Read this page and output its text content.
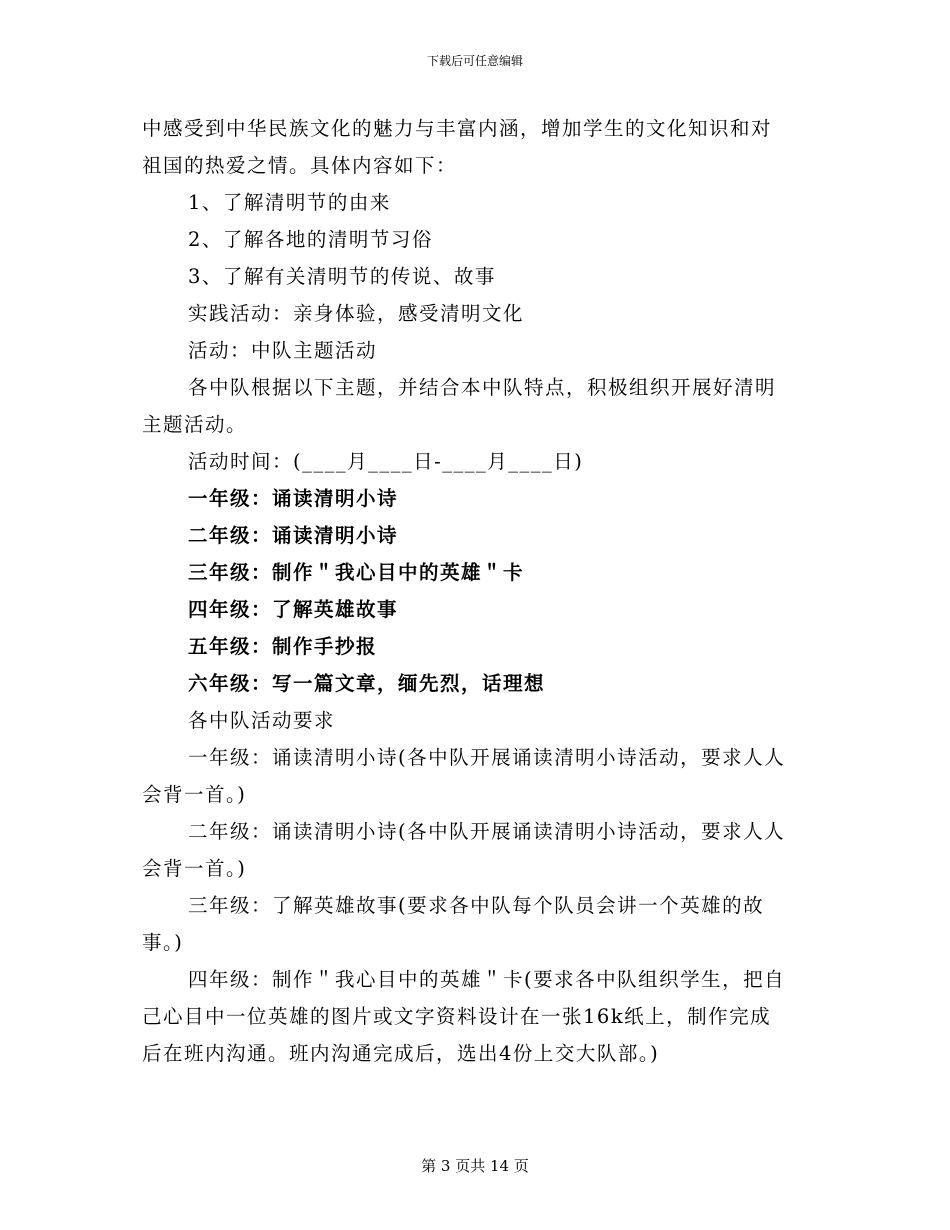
下载后可任意编辑

中感受到中华民族文化的魅力与丰富内涵，增加学生的文化知识和对

祖国的热爱之情。具体内容如下：

1、了解清明节的由来

2、了解各地的清明节习俗

3、了解有关清明节的传说、故事

实践活动：亲身体验，感受清明文化

活动：中队主题活动

各中队根据以下主题，并结合本中队特点，积极组织开展好清明

主题活动。

活动时间：(____月____日-____月____日)

一年级：诵读清明小诗

二年级：诵读清明小诗

三年级：制作＂我心目中的英雄＂卡

四年级：了解英雄故事

五年级：制作手抄报

六年级：写一篇文章，缅先烈，话理想

各中队活动要求

一年级：诵读清明小诗(各中队开展诵读清明小诗活动，要求人人

会背一首。)

二年级：诵读清明小诗(各中队开展诵读清明小诗活动，要求人人

会背一首。)

三年级：了解英雄故事(要求各中队每个队员会讲一个英雄的故

事。)

四年级：制作＂我心目中的英雄＂卡(要求各中队组织学生，把自

己心目中一位英雄的图片或文字资料设计在一张16k纸上，制作完成

后在班内沟通。班内沟通完成后，选出4份上交大队部。)

第 3 页共 14 页
